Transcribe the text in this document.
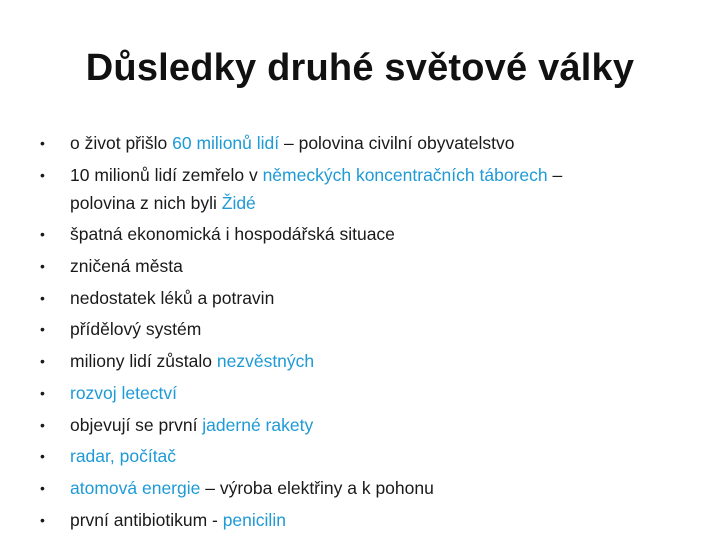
Důsledky druhé světové války
•	o život přišlo 60 milionů lidí – polovina civilní obyvatelstvo
•	10 milionů lidí zemřelo v německých koncentračních táborech –
polovina z nich byli Židé
•	špatná ekonomická i hospodářská situace
•	zničená města
•	nedostatek léků a potravin
•	přídělový systém
•	miliony lidí zůstalo nezvěstných
•	rozvoj letectví
•	objevují se první jaderné rakety
•	radar, počítač
•	atomová energie – výroba elektřiny a k pohonu
•	první antibiotikum - penicilin
